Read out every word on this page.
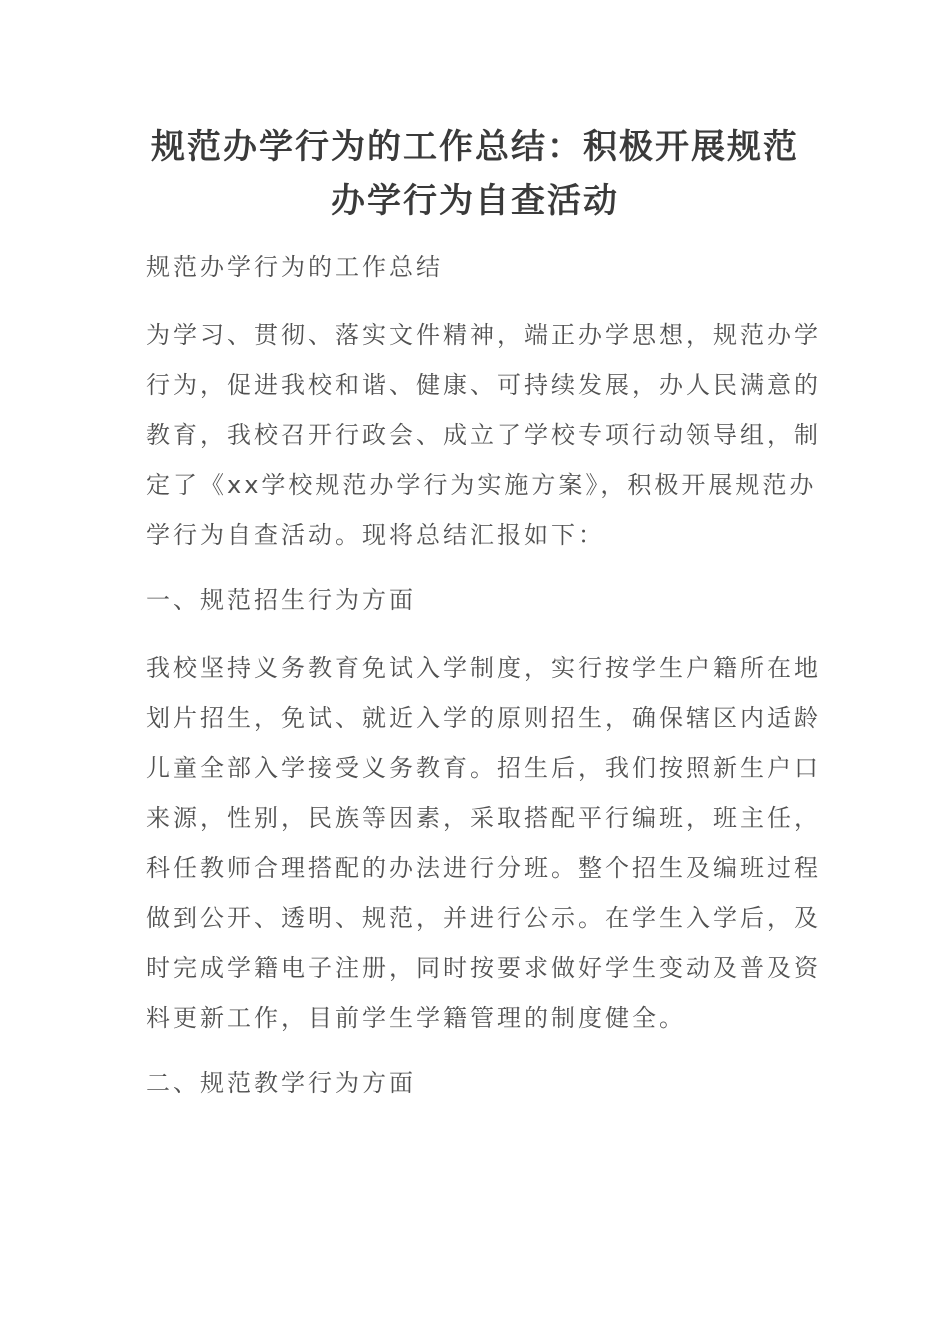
规范办学行为的工作总结：积极开展规范
办学行为自查活动

规范办学行为的工作总结

为学习、贯彻、落实文件精神，端正办学思想，规范办学
行为，促进我校和谐、健康、可持续发展，办人民满意的
教育，我校召开行政会、成立了学校专项行动领导组，制
定了《xx学校规范办学行为实施方案》，积极开展规范办
学行为自查活动。现将总结汇报如下：

一、规范招生行为方面

我校坚持义务教育免试入学制度，实行按学生户籍所在地
划片招生，免试、就近入学的原则招生，确保辖区内适龄
儿童全部入学接受义务教育。招生后，我们按照新生户口
来源，性别，民族等因素，采取搭配平行编班，班主任，
科任教师合理搭配的办法进行分班。整个招生及编班过程
做到公开、透明、规范，并进行公示。在学生入学后，及
时完成学籍电子注册，同时按要求做好学生变动及普及资
料更新工作，目前学生学籍管理的制度健全。

二、规范教学行为方面
